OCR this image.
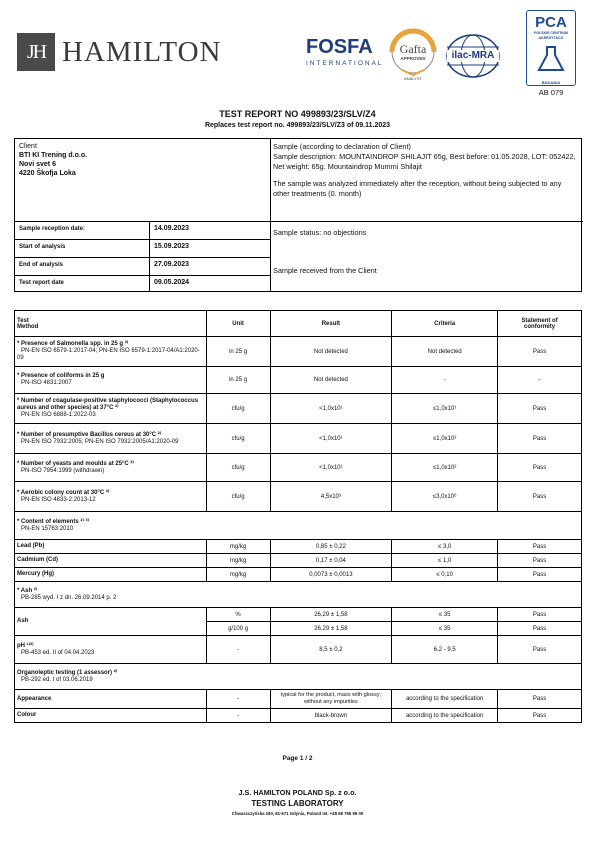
JH HAMILTON	FOSFA
INTERNATIONAL
Gafta
APPROVED
ANALYST
ilac-MRA
PCA
POLSKIE CENTRUM
AKREDYTACJI
BADANIA
AB 079
TEST REPORT NO 499893/23/SLV/Z4
Replaces test report no. 499893/23/SLV/Z3 of 09.11.2023
Client
BTI KI Trening d.o.o.
Novi svet 6
4220 Škofja Loka
Sample (according to declaration of Client)
Sample description: MOUNTAINDROP SHILAJIT 65g, Best before: 01.05.2028, LOT: 052422, Net weight: 65g. Mountaindrop Mummi Shilajit
The sample was analyzed immediately after the reception, without being subjected to any other treatments (0. month)
Sample reception date:	14.09.2023
Start of analysis	15.09.2023
End of analysis	27.09.2023
Test report date	09.05.2024
Sample status: no objections
Sample received from the Client
Test
Method	Unit	Result	Criteria	Statement of
conformity
* Presence of Salmonella spp. in 25 g ²⁾
PN-EN ISO 6579-1:2017-04; PN-EN ISO 6579-1:2017-04/A1:2020-09	in 25 g	Not detected	Not detected	Pass
* Presence of coliforms in 25 g
PN-ISO 4831:2007	in 25 g	Not detected	-	-
* Number of coagulase-positive staphylococci (Staphylococcus aureus and other species) at 37°C ²⁾
PN-EN ISO 6888-1:2022-03	cfu/g	<1,0x10¹	≤1,0x10¹	Pass
* Number of presumptive Bacillus cereus at 30°C ²⁾
PN-EN ISO 7932:2005; PN-EN ISO 7932:2005/A1:2020-09	cfu/g	<1,0x10¹	≤1,0x10²	Pass
* Number of yeasts and moulds at 25°C ²⁾
PN-ISO 7954:1999 (withdrawn)	cfu/g	<1,0x10¹	≤1,0x10²	Pass
* Aerobic colony count at 30°C ²⁾
PN-EN ISO 4833-2:2013-12	cfu/g	4,5x10³	≤3,0x10⁶	Pass
* Content of elements ²⁾ ³⁾
PN-EN 15763:2010				
Lead (Pb)	mg/kg	0,85 ± 0,22	≤ 3,0	Pass
Cadmium (Cd)	mg/kg	0,17 ± 0,04	≤ 1,0	Pass
Mercury (Hg)	mg/kg	0,0073 ± 0,0013	≤ 0,10	Pass
* Ash ²⁾
PB-285 wyd. I z dn. 26.09.2014 p. 2				
Ash	%	26,29 ± 1,58	≤ 35	Pass
	g/100 g	26,29 ± 1,58	≤ 35	Pass
pH ¹⁾²⁾
PB-453 ed. II of 04.04.2023	-	8,5 ± 0,2	6,2 - 9,5	Pass
Organoleptic testing (1 assessor) ²⁾
PB-292 ed. I of 03.06.2019				
Appearance	-	typical for the product, mass with glossy; without any impurities	according to the specification	Pass
Colour	-	black-brown	according to the specification	Pass
Page 1 / 2
J.S. HAMILTON POLAND Sp. z o.o.
TESTING LABORATORY
Chwaszczyńska 180, 81-571 Gdynia, Poland tel. +48 58 766 99 00
